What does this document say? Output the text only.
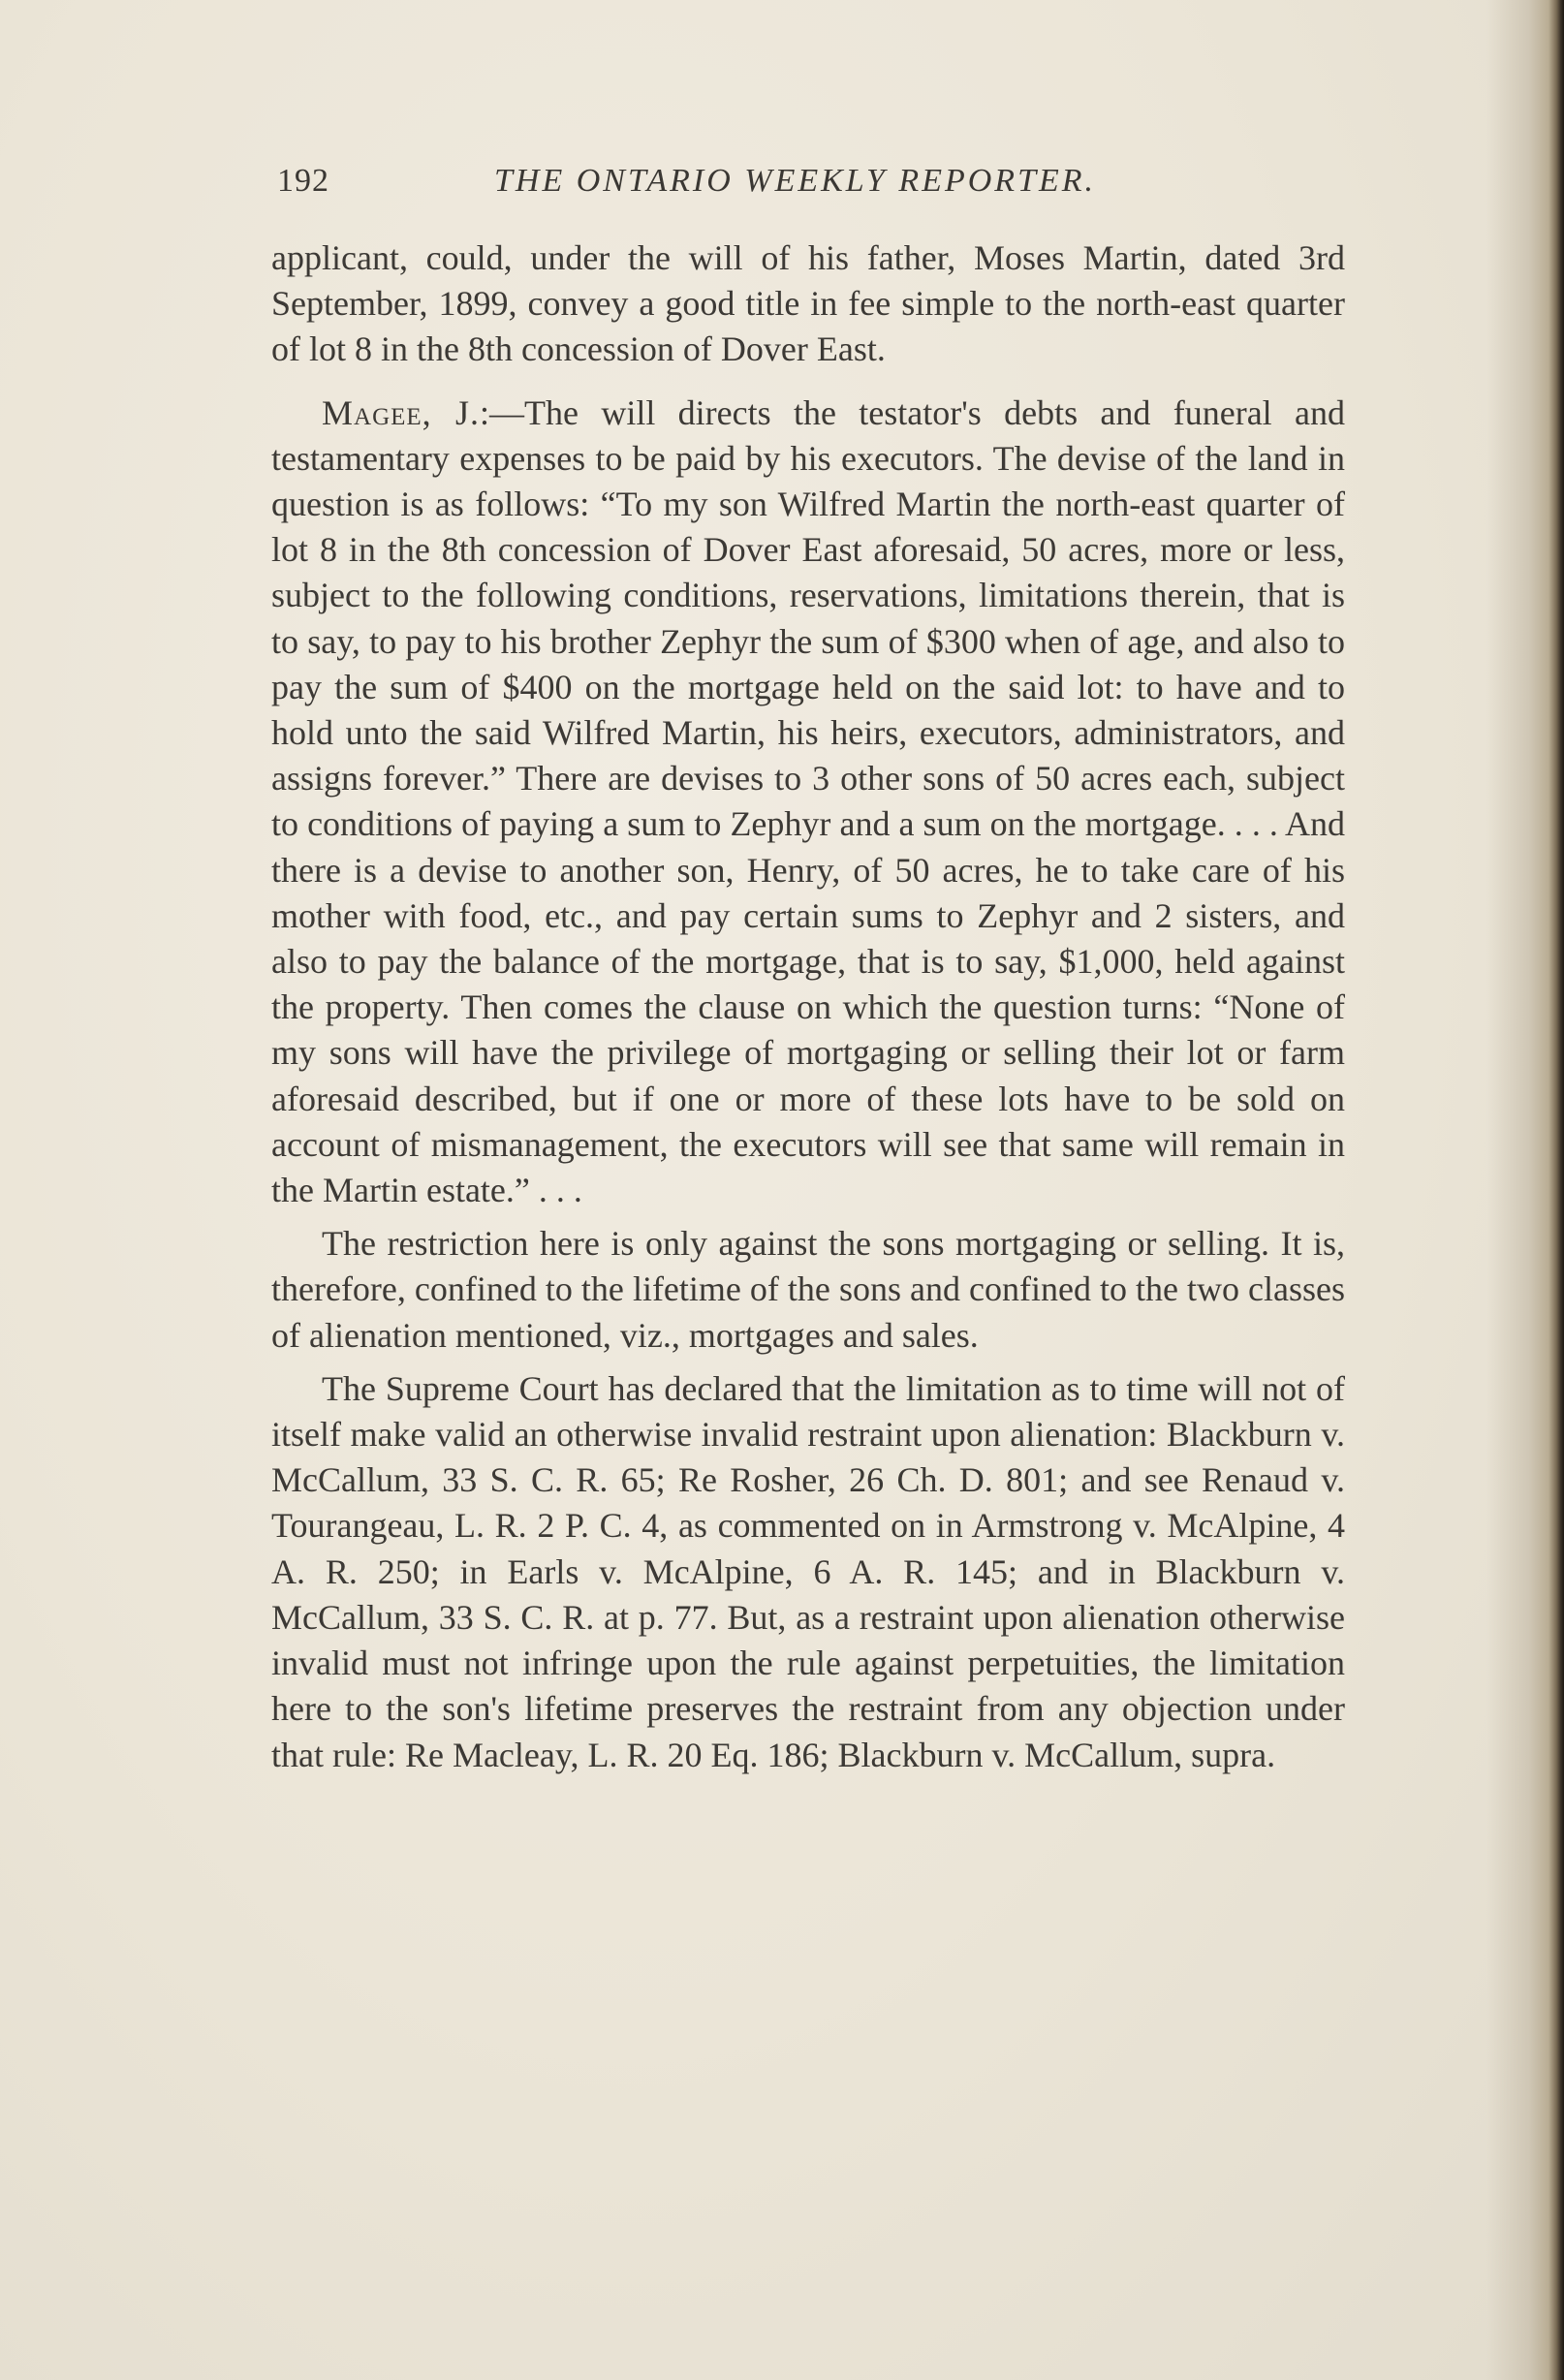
192	THE ONTARIO WEEKLY REPORTER.

applicant, could, under the will of his father, Moses Martin, dated 3rd September, 1899, convey a good title in fee simple to the north-east quarter of lot 8 in the 8th concession of Dover East.

Magee, J.:—The will directs the testator's debts and funeral and testamentary expenses to be paid by his executors. The devise of the land in question is as follows: “To my son Wilfred Martin the north-east quarter of lot 8 in the 8th concession of Dover East aforesaid, 50 acres, more or less, subject to the following conditions, reservations, limitations therein, that is to say, to pay to his brother Zephyr the sum of $300 when of age, and also to pay the sum of $400 on the mortgage held on the said lot: to have and to hold unto the said Wilfred Martin, his heirs, executors, administrators, and assigns forever.” There are devises to 3 other sons of 50 acres each, subject to conditions of paying a sum to Zephyr and a sum on the mortgage. . . . And there is a devise to another son, Henry, of 50 acres, he to take care of his mother with food, etc., and pay certain sums to Zephyr and 2 sisters, and also to pay the balance of the mortgage, that is to say, $1,000, held against the property. Then comes the clause on which the question turns: “None of my sons will have the privilege of mortgaging or selling their lot or farm aforesaid described, but if one or more of these lots have to be sold on account of mismanagement, the executors will see that same will remain in the Martin estate.” . . .

The restriction here is only against the sons mortgaging or selling. It is, therefore, confined to the lifetime of the sons and confined to the two classes of alienation mentioned, viz., mortgages and sales.

The Supreme Court has declared that the limitation as to time will not of itself make valid an otherwise invalid restraint upon alienation: Blackburn v. McCallum, 33 S. C. R. 65; Re Rosher, 26 Ch. D. 801; and see Renaud v. Tourangeau, L. R. 2 P. C. 4, as commented on in Armstrong v. McAlpine, 4 A. R. 250; in Earls v. McAlpine, 6 A. R. 145; and in Blackburn v. McCallum, 33 S. C. R. at p. 77. But, as a restraint upon alienation otherwise invalid must not infringe upon the rule against perpetuities, the limitation here to the son's lifetime preserves the restraint from any objection under that rule: Re Macleay, L. R. 20 Eq. 186; Blackburn v. McCallum, supra.
